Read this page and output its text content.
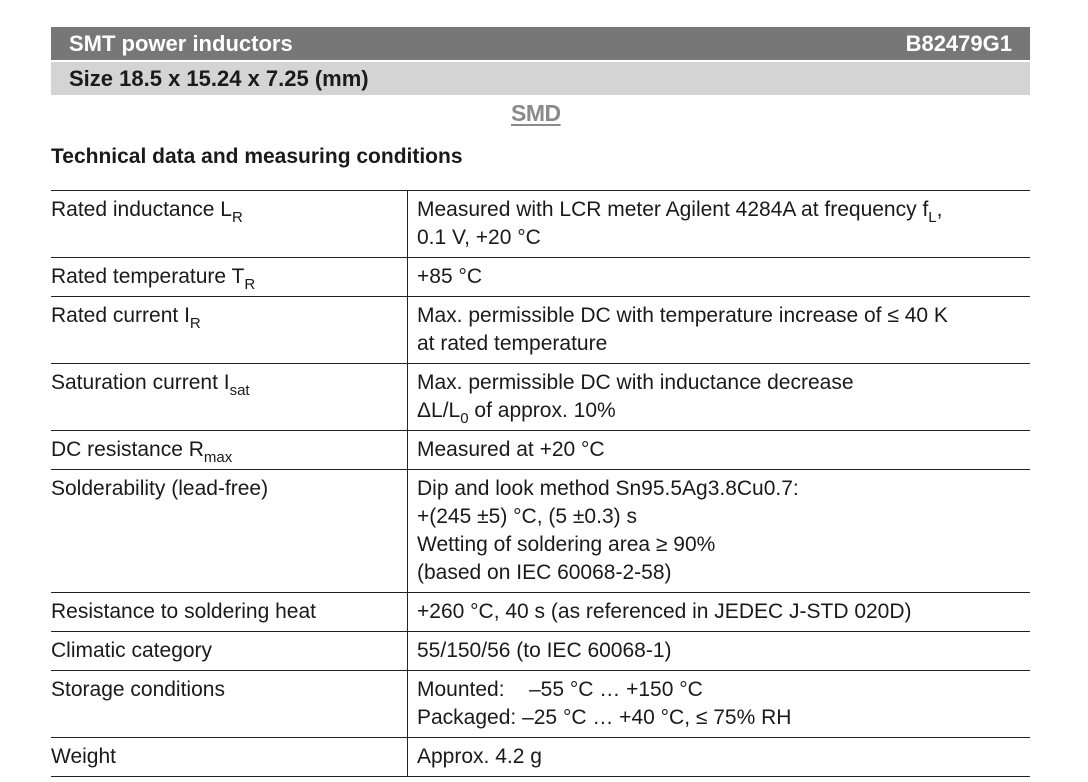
SMT power inductors	B82479G1
Size 18.5 x 15.24 x 7.25 (mm)
SMD
Technical data and measuring conditions
Rated inductance $L_R$	Measured with LCR meter Agilent 4284A at frequency $f_L$,
0.1 V, +20 °C

Rated temperature $T_R$	+85 °C

Rated current $I_R$	Max. permissible DC with temperature increase of ≤ 40 K
at rated temperature

Saturation current $I_{sat}$	Max. permissible DC with inductance decrease
$\Delta L/L_0$ of approx. 10%

DC resistance $R_{max}$	Measured at +20 °C

Solderability (lead-free)	Dip and look method Sn95.5Ag3.8Cu0.7:
+(245 ±5) °C, (5 ±0.3) s
Wetting of soldering area ≥ 90%
(based on IEC 60068-2-58)

Resistance to soldering heat	+260 °C, 40 s (as referenced in JEDEC J-STD 020D)

Climatic category	55/150/56 (to IEC 60068-1)

Storage conditions	Mounted: –55 °C … +150 °C
Packaged: –25 °C … +40 °C, ≤ 75% RH

Weight	Approx. 4.2 g
